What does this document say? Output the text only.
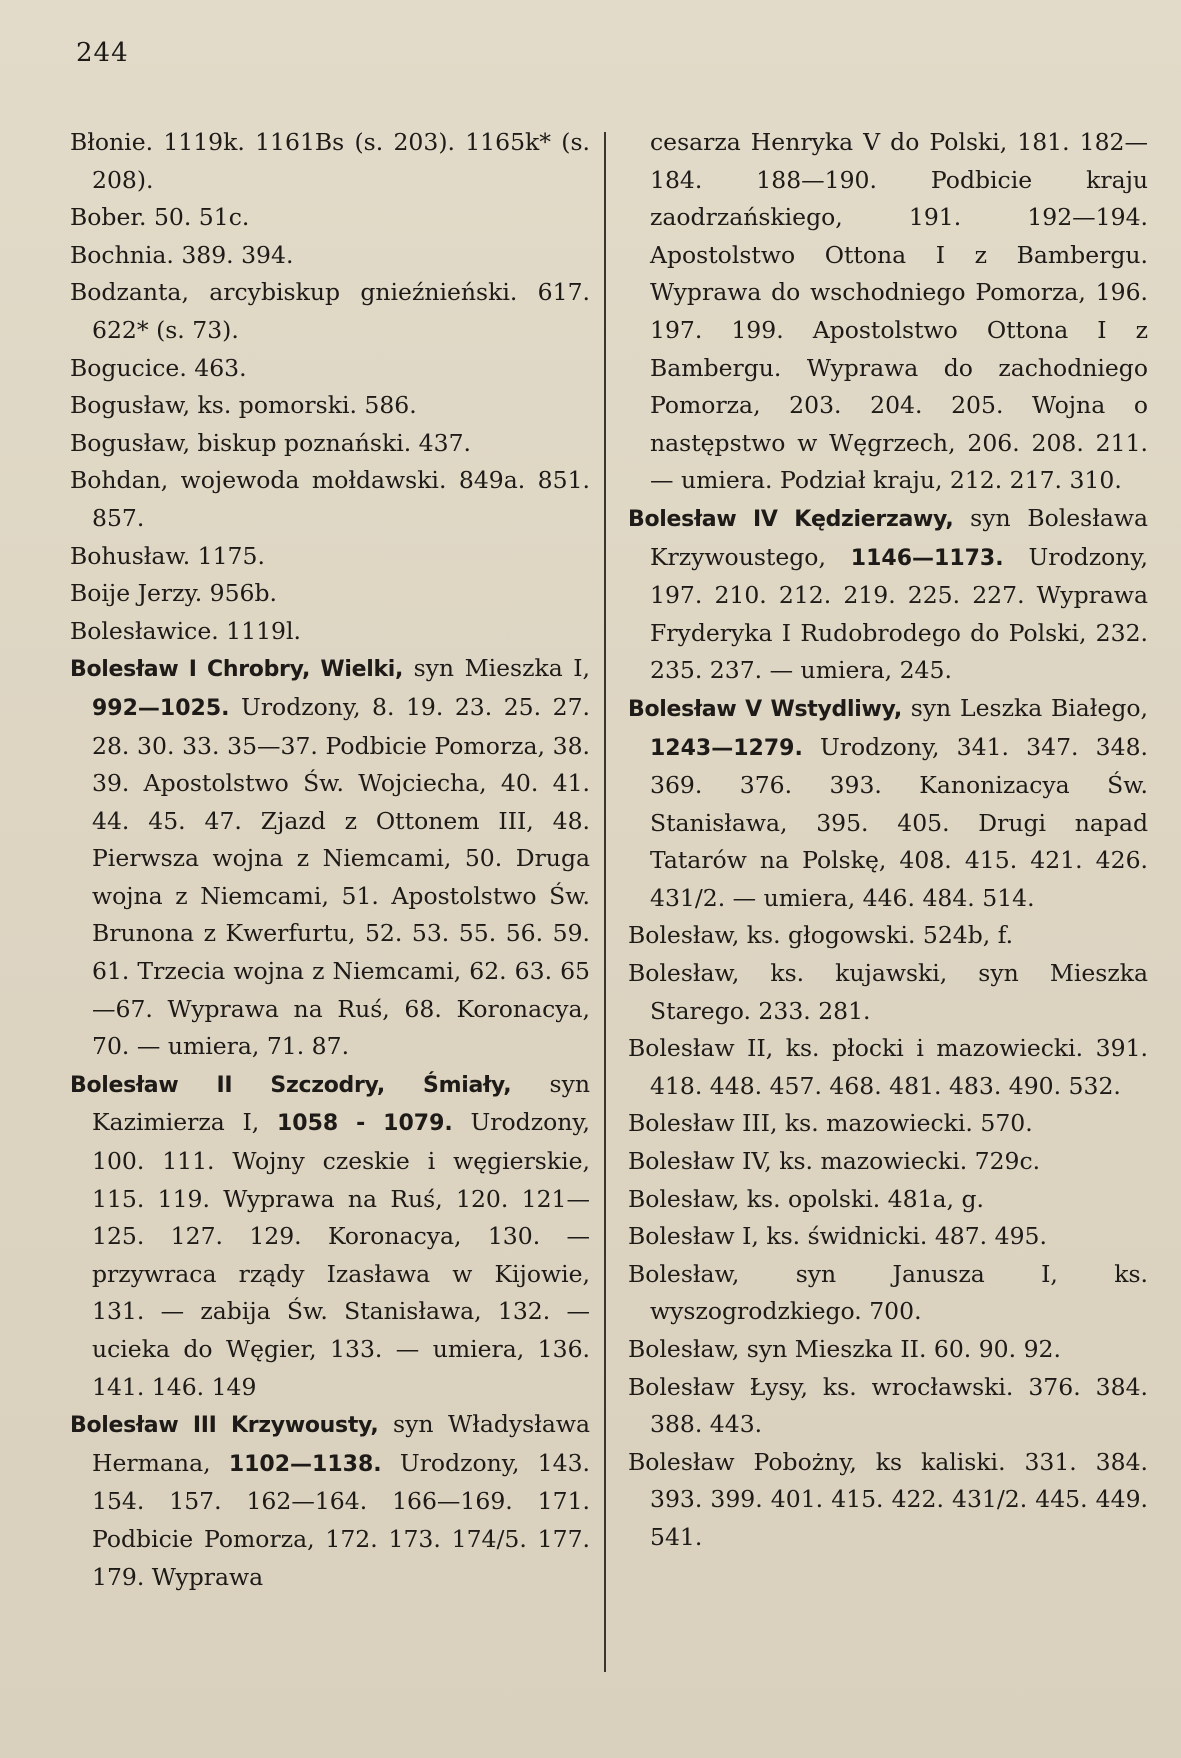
244

Błonie. 1119k. 1161Bs (s. 203). 1165k* (s. 208).

Bober. 50. 51c.

Bochnia. 389. 394.

Bodzanta, arcybiskup gnieźnieński. 617. 622* (s. 73).

Bogucice. 463.

Bogusław, ks. pomorski. 586.

Bogusław, biskup poznański. 437.

Bohdan, wojewoda mołdawski. 849a. 851. 857.

Bohusław. 1175.

Boije Jerzy. 956b.

Bolesławice. 1119l.

Bolesław I Chrobry, Wielki, syn Mieszka I, 992—1025. Urodzony, 8. 19. 23. 25. 27. 28. 30. 33. 35—37. Podbicie Pomorza, 38. 39. Apostolstwo Św. Wojciecha, 40. 41. 44. 45. 47. Zjazd z Ottonem III, 48. Pierwsza wojna z Niemcami, 50. Druga wojna z Niemcami, 51. Apostolstwo Św. Brunona z Kwerfurtu, 52. 53. 55. 56. 59. 61. Trzecia wojna z Niemcami, 62. 63. 65—67. Wyprawa na Ruś, 68. Koronacya, 70. — umiera, 71. 87.

Bolesław II Szczodry, Śmiały, syn Kazimierza I, 1058 - 1079. Urodzony, 100. 111. Wojny czeskie i węgierskie, 115. 119. Wyprawa na Ruś, 120. 121—125. 127. 129. Koronacya, 130. — przywraca rządy Izasława w Kijowie, 131. — zabija Św. Stanisława, 132. — ucieka do Węgier, 133. — umiera, 136. 141. 146. 149

Bolesław III Krzywousty, syn Władysława Hermana, 1102—1138. Urodzony, 143. 154. 157. 162—164. 166—169. 171. Podbicie Pomorza, 172. 173. 174/5. 177. 179. Wyprawa

cesarza Henryka V do Polski, 181. 182—184. 188—190. Podbicie kraju zaodrzańskiego, 191. 192—194. Apostolstwo Ottona I z Bambergu. Wyprawa do wschodniego Pomorza, 196. 197. 199. Apostolstwo Ottona I z Bambergu. Wyprawa do zachodniego Pomorza, 203. 204. 205. Wojna o następstwo w Węgrzech, 206. 208. 211. — umiera. Podział kraju, 212. 217. 310.

Bolesław IV Kędzierzawy, syn Bolesława Krzywoustego, 1146—1173. Urodzony, 197. 210. 212. 219. 225. 227. Wyprawa Fryderyka I Rudobrodego do Polski, 232. 235. 237. — umiera, 245.

Bolesław V Wstydliwy, syn Leszka Białego, 1243—1279. Urodzony, 341. 347. 348. 369. 376. 393. Kanonizacya Św. Stanisława, 395. 405. Drugi napad Tatarów na Polskę, 408. 415. 421. 426. 431/2. — umiera, 446. 484. 514.

Bolesław, ks. głogowski. 524b, f.

Bolesław, ks. kujawski, syn Mieszka Starego. 233. 281.

Bolesław II, ks. płocki i mazowiecki. 391. 418. 448. 457. 468. 481. 483. 490. 532.

Bolesław III, ks. mazowiecki. 570.

Bolesław IV, ks. mazowiecki. 729c.

Bolesław, ks. opolski. 481a, g.

Bolesław I, ks. świdnicki. 487. 495.

Bolesław, syn Janusza I, ks. wyszogrodzkiego. 700.

Bolesław, syn Mieszka II. 60. 90. 92.

Bolesław Łysy, ks. wrocławski. 376. 384. 388. 443.

Bolesław Pobożny, ks kaliski. 331. 384. 393. 399. 401. 415. 422. 431/2. 445. 449. 541.
